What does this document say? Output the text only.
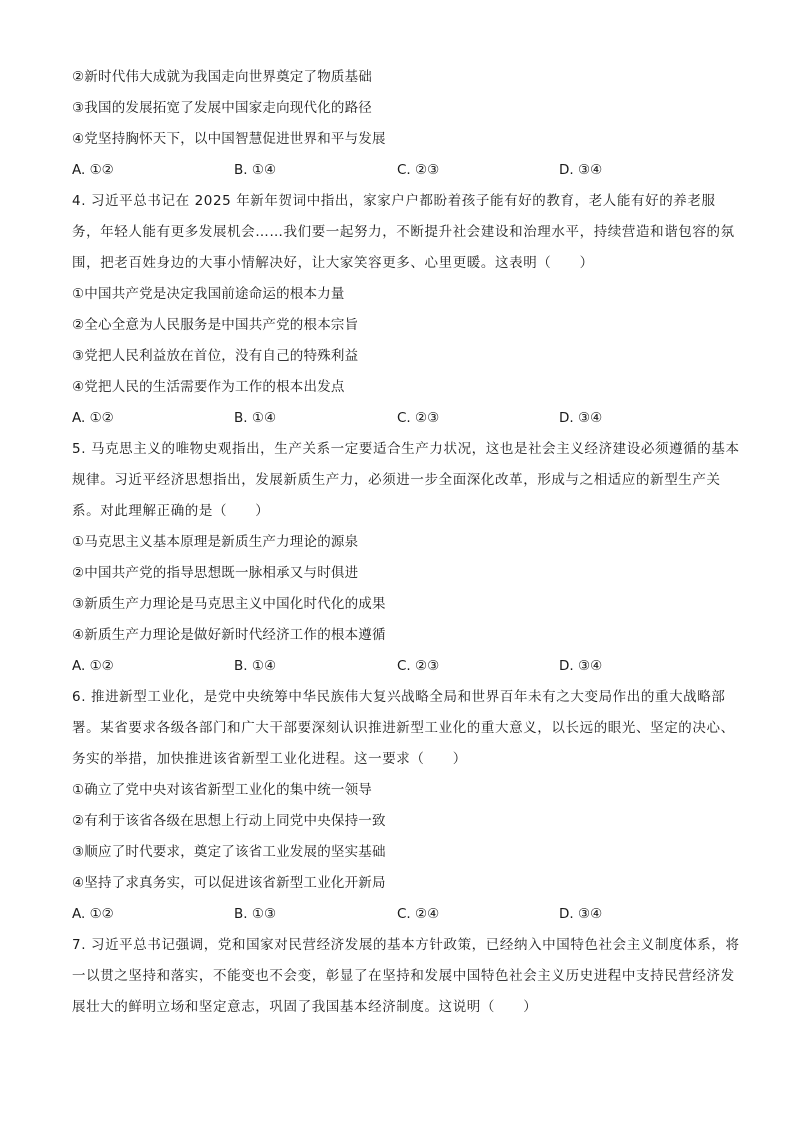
②新时代伟大成就为我国走向世界奠定了物质基础
③我国的发展拓宽了发展中国家走向现代化的路径
④党坚持胸怀天下，以中国智慧促进世界和平与发展
A. ①②	B. ①④	C. ②③	D. ③④
4. 习近平总书记在 2025 年新年贺词中指出，家家户户都盼着孩子能有好的教育，老人能有好的养老服务，年轻人能有更多发展机会……我们要一起努力，不断提升社会建设和治理水平，持续营造和谐包容的氛围，把老百姓身边的大事小情解决好，让大家笑容更多、心里更暖。这表明（　　）
①中国共产党是决定我国前途命运的根本力量
②全心全意为人民服务是中国共产党的根本宗旨
③党把人民利益放在首位，没有自己的特殊利益
④党把人民的生活需要作为工作的根本出发点
A. ①②	B. ①④	C. ②③	D. ③④
5. 马克思主义的唯物史观指出，生产关系一定要适合生产力状况，这也是社会主义经济建设必须遵循的基本规律。习近平经济思想指出，发展新质生产力，必须进一步全面深化改革，形成与之相适应的新型生产关系。对此理解正确的是（　　）
①马克思主义基本原理是新质生产力理论的源泉
②中国共产党的指导思想既一脉相承又与时俱进
③新质生产力理论是马克思主义中国化时代化的成果
④新质生产力理论是做好新时代经济工作的根本遵循
A. ①②	B. ①④	C. ②③	D. ③④
6. 推进新型工业化，是党中央统筹中华民族伟大复兴战略全局和世界百年未有之大变局作出的重大战略部署。某省要求各级各部门和广大干部要深刻认识推进新型工业化的重大意义，以长远的眼光、坚定的决心、务实的举措，加快推进该省新型工业化进程。这一要求（　　）
①确立了党中央对该省新型工业化的集中统一领导
②有利于该省各级在思想上行动上同党中央保持一致
③顺应了时代要求，奠定了该省工业发展的坚实基础
④坚持了求真务实，可以促进该省新型工业化开新局
A. ①②	B. ①③	C. ②④	D. ③④
7. 习近平总书记强调，党和国家对民营经济发展的基本方针政策，已经纳入中国特色社会主义制度体系，将一以贯之坚持和落实，不能变也不会变，彰显了在坚持和发展中国特色社会主义历史进程中支持民营经济发展壮大的鲜明立场和坚定意志，巩固了我国基本经济制度。这说明（　　）
